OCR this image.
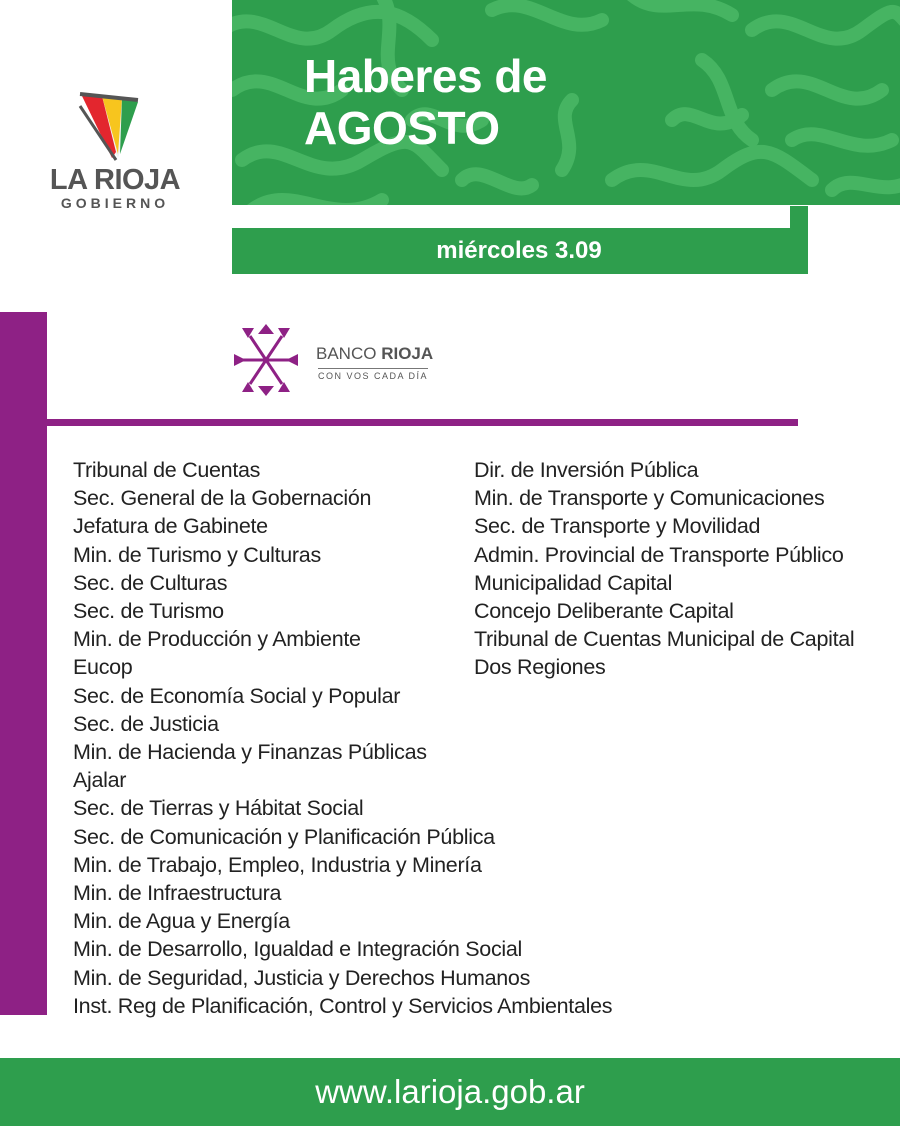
LA RIOJA
GOBIERNO
Haberes de
AGOSTO
miércoles 3.09
BANCO RIOJA
CON VOS CADA DÍA
Tribunal de Cuentas
Sec. General de la Gobernación
Jefatura de Gabinete
Min. de Turismo y Culturas
Sec. de Culturas
Sec. de Turismo
Min. de Producción y Ambiente
Eucop
Sec. de Economía Social y Popular
Sec. de Justicia
Min. de Hacienda y Finanzas Públicas
Ajalar
Sec. de Tierras y Hábitat Social
Sec. de Comunicación y Planificación Pública
Min. de Trabajo, Empleo, Industria y Minería
Min. de Infraestructura
Min. de Agua y Energía
Min. de Desarrollo, Igualdad e Integración Social
Min. de Seguridad, Justicia y Derechos Humanos
Inst. Reg de Planificación, Control y Servicios Ambientales
Dir. de Inversión Pública
Min. de Transporte y Comunicaciones
Sec. de Transporte y Movilidad
Admin. Provincial de Transporte Público
Municipalidad Capital
Concejo Deliberante Capital
Tribunal de Cuentas Municipal de Capital
Dos Regiones
www.larioja.gob.ar
